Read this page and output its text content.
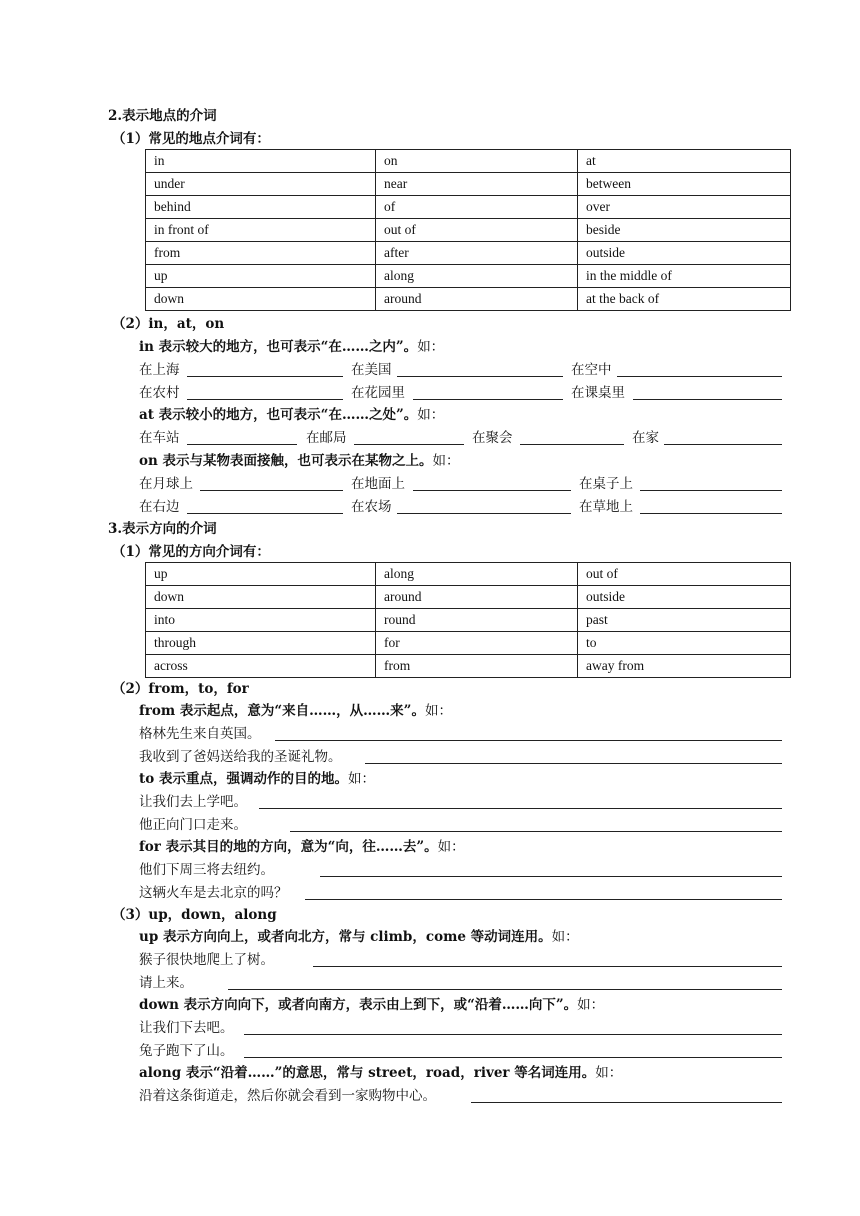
2.表示地点的介词
（1）常见的地点介词有：
in	on	at
under	near	between
behind	of	over
in front of	out of	beside
from	after	outside
up	along	in the middle of
down	around	at the back of
（2）in，at，on
in 表示较大的地方，也可表示“在……之内”。如：
在上海	在美国	在空中
在农村	在花园里	在课桌里
at 表示较小的地方，也可表示“在……之处”。如：
在车站	在邮局	在聚会	在家
on 表示与某物表面接触，也可表示在某物之上。如：
在月球上	在地面上	在桌子上
在右边	在农场	在草地上
3.表示方向的介词
（1）常见的方向介词有：
up	along	out of
down	around	outside
into	round	past
through	for	to
across	from	away from
（2）from，to，for
from 表示起点，意为“来自……，从……来”。如：
格林先生来自英国。
我收到了爸妈送给我的圣诞礼物。
to 表示重点，强调动作的目的地。如：
让我们去上学吧。
他正向门口走来。
for 表示其目的地的方向，意为“向，往……去”。如：
他们下周三将去纽约。
这辆火车是去北京的吗？
（3）up，down，along
up 表示方向向上，或者向北方，常与 climb，come 等动词连用。如：
猴子很快地爬上了树。
请上来。
down 表示方向向下，或者向南方，表示由上到下，或“沿着……向下”。如：
让我们下去吧。
兔子跑下了山。
along 表示“沿着……”的意思，常与 street，road，river 等名词连用。如：
沿着这条街道走，然后你就会看到一家购物中心。
